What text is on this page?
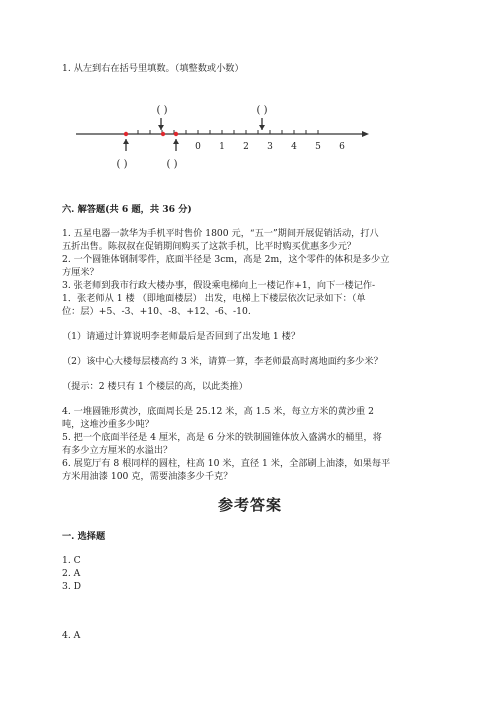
1. 从左到右在括号里填数。（填整数或小数）
0 1 2 3 4 5 6
( )	( )
( )	( )
六. 解答题(共 6 题，共 36 分)
1. 五星电器一款华为手机平时售价 1800 元，“五一”期间开展促销活动，打八
五折出售。陈叔叔在促销期间购买了这款手机，比平时购买优惠多少元？
2. 一个圆锥体钢制零件，底面半径是 3cm，高是 2m，这个零件的体积是多少立
方厘米？
3. 张老师到我市行政大楼办事，假设乘电梯向上一楼记作+1，向下一楼记作-
1．张老师从 1 楼 （即地面楼层） 出发，电梯上下楼层依次记录如下：（单
位：层）+5、-3、+10、-8、+12、-6、-10.
（1）请通过计算说明李老师最后是否回到了出发地 1 楼？
（2）该中心大楼每层楼高约 3 米，请算一算，李老师最高时离地面约多少米？
（提示：2 楼只有 1 个楼层的高，以此类推）
4. 一堆圆锥形黄沙，底面周长是 25.12 米，高 1.5 米，每立方米的黄沙重 2
吨，这堆沙重多少吨？
5. 把一个底面半径是 4 厘米，高是 6 分米的铁制圆锥体放入盛满水的桶里，将
有多少立方厘米的水溢出？
6. 展览厅有 8 根同样的圆柱，柱高 10 米，直径 1 米，全部刷上油漆，如果每平
方米用油漆 100 克，需要油漆多少千克？
参考答案
一. 选择题
1. C
2. A
3. D
4. A
